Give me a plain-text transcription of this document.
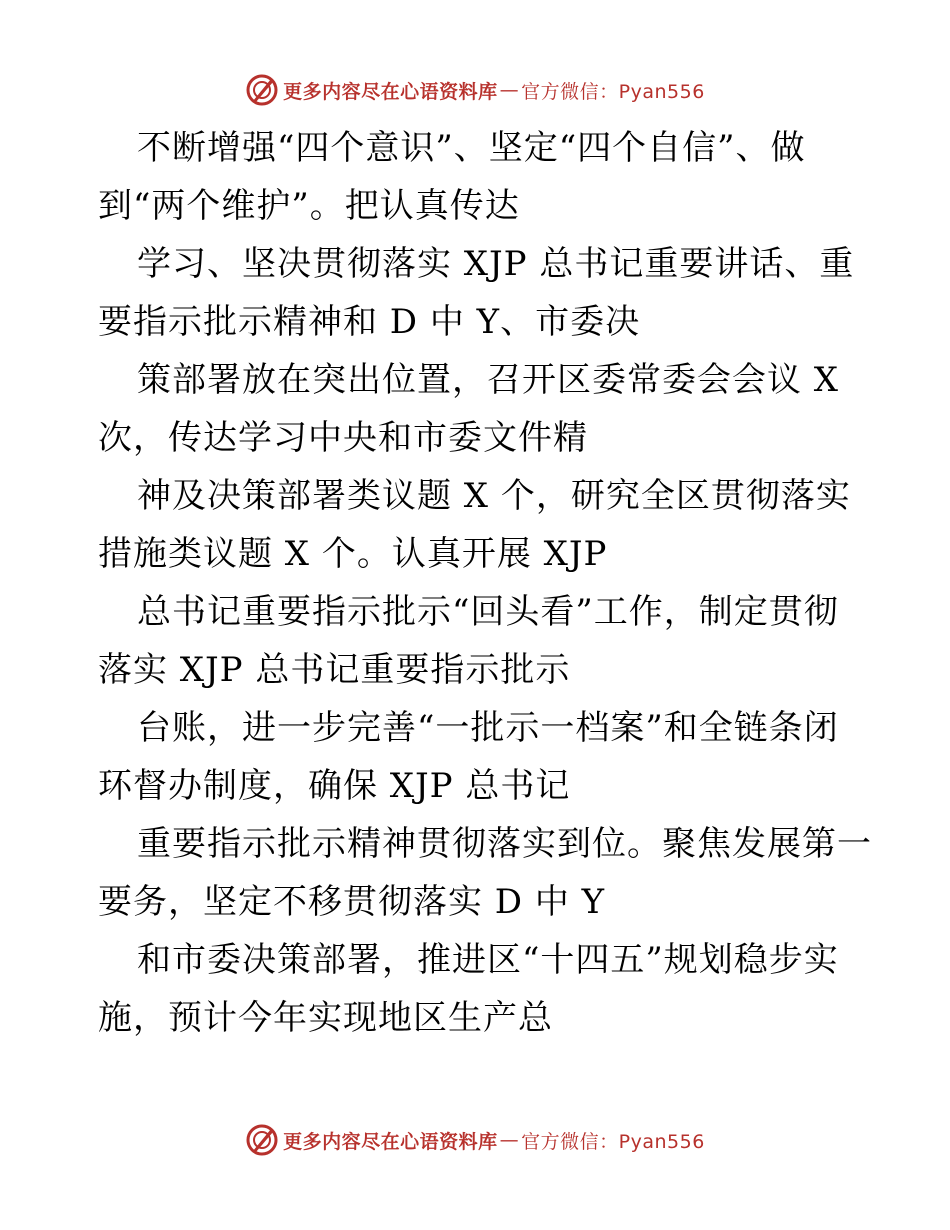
更多内容尽在心语资料库 — 官方微信：Pyan556
不断增强“四个意识”、坚定“四个自信”、做
到“两个维护”。把认真传达
学习、坚决贯彻落实 XJP 总书记重要讲话、重
要指示批示精神和 D 中 Y、市委决
策部署放在突出位置，召开区委常委会会议 X
次，传达学习中央和市委文件精
神及决策部署类议题 X 个，研究全区贯彻落实
措施类议题 X 个。认真开展 XJP
总书记重要指示批示“回头看”工作，制定贯彻
落实 XJP 总书记重要指示批示
台账，进一步完善“一批示一档案”和全链条闭
环督办制度，确保 XJP 总书记
重要指示批示精神贯彻落实到位。聚焦发展第一
要务，坚定不移贯彻落实 D 中 Y
和市委决策部署，推进区“十四五”规划稳步实
施，预计今年实现地区生产总
更多内容尽在心语资料库 — 官方微信：Pyan556
